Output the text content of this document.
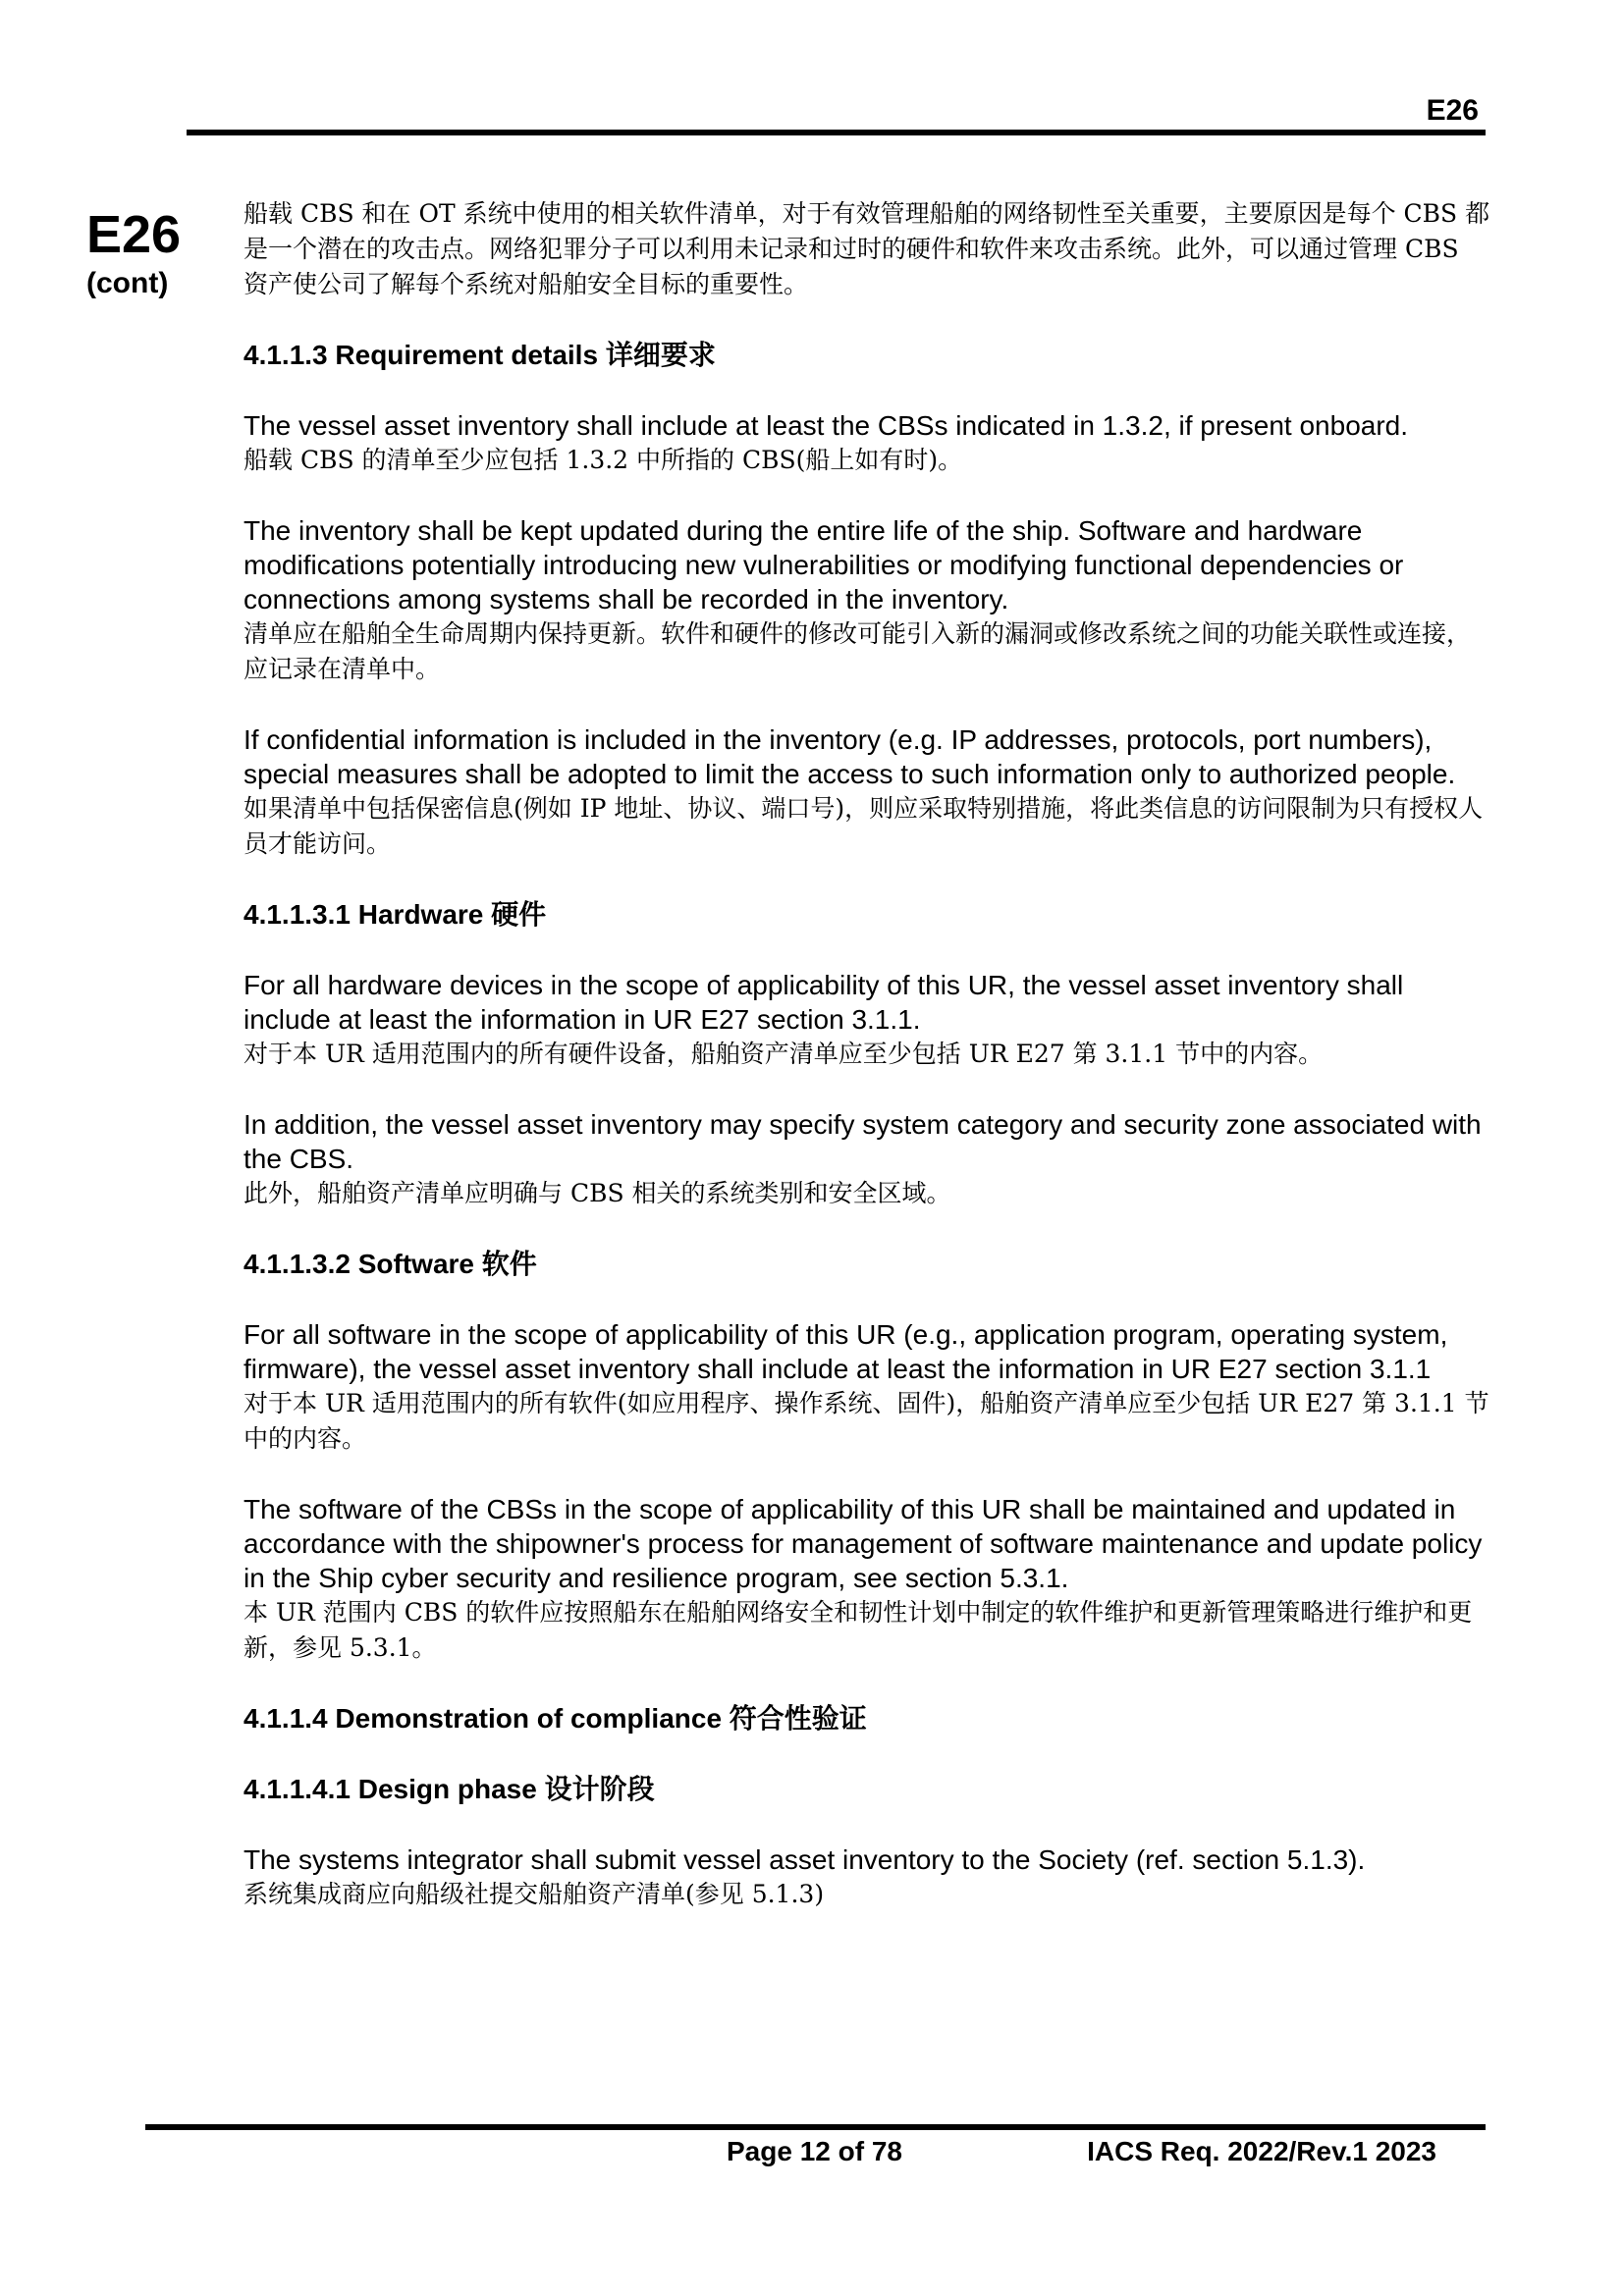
E26
E26
(cont)

船载 CBS 和在 OT 系统中使用的相关软件清单，对于有效管理船舶的网络韧性至关重要，主要原因是每个 CBS 都是一个潜在的攻击点。网络犯罪分子可以利用未记录和过时的硬件和软件来攻击系统。此外，可以通过管理 CBS 资产使公司了解每个系统对船舶安全目标的重要性。

4.1.1.3 Requirement details 详细要求

The vessel asset inventory shall include at least the CBSs indicated in 1.3.2, if present onboard.

船载 CBS 的清单至少应包括 1.3.2 中所指的 CBS(船上如有时)。

The inventory shall be kept updated during the entire life of the ship. Software and hardware modifications potentially introducing new vulnerabilities or modifying functional dependencies or connections among systems shall be recorded in the inventory.

清单应在船舶全生命周期内保持更新。软件和硬件的修改可能引入新的漏洞或修改系统之间的功能关联性或连接，应记录在清单中。

If confidential information is included in the inventory (e.g. IP addresses, protocols, port numbers), special measures shall be adopted to limit the access to such information only to authorized people.

如果清单中包括保密信息(例如 IP 地址、协议、端口号)，则应采取特别措施，将此类信息的访问限制为只有授权人员才能访问。

4.1.1.3.1 Hardware 硬件

For all hardware devices in the scope of applicability of this UR, the vessel asset inventory shall include at least the information in UR E27 section 3.1.1.

对于本 UR 适用范围内的所有硬件设备，船舶资产清单应至少包括 UR E27 第 3.1.1 节中的内容。

In addition, the vessel asset inventory may specify system category and security zone associated with the CBS.

此外，船舶资产清单应明确与 CBS 相关的系统类别和安全区域。

4.1.1.3.2 Software 软件

For all software in the scope of applicability of this UR (e.g., application program, operating system, firmware), the vessel asset inventory shall include at least the information in UR E27 section 3.1.1

对于本 UR 适用范围内的所有软件(如应用程序、操作系统、固件)，船舶资产清单应至少包括 UR E27 第 3.1.1 节中的内容。

The software of the CBSs in the scope of applicability of this UR shall be maintained and updated in accordance with the shipowner's process for management of software maintenance and update policy in the Ship cyber security and resilience program, see section 5.3.1.

本 UR 范围内 CBS 的软件应按照船东在船舶网络安全和韧性计划中制定的软件维护和更新管理策略进行维护和更新，参见 5.3.1。

4.1.1.4 Demonstration of compliance 符合性验证

4.1.1.4.1 Design phase 设计阶段

The systems integrator shall submit vessel asset inventory to the Society (ref. section 5.1.3).

系统集成商应向船级社提交船舶资产清单(参见 5.1.3)

Page 12 of 78	IACS Req. 2022/Rev.1 2023
